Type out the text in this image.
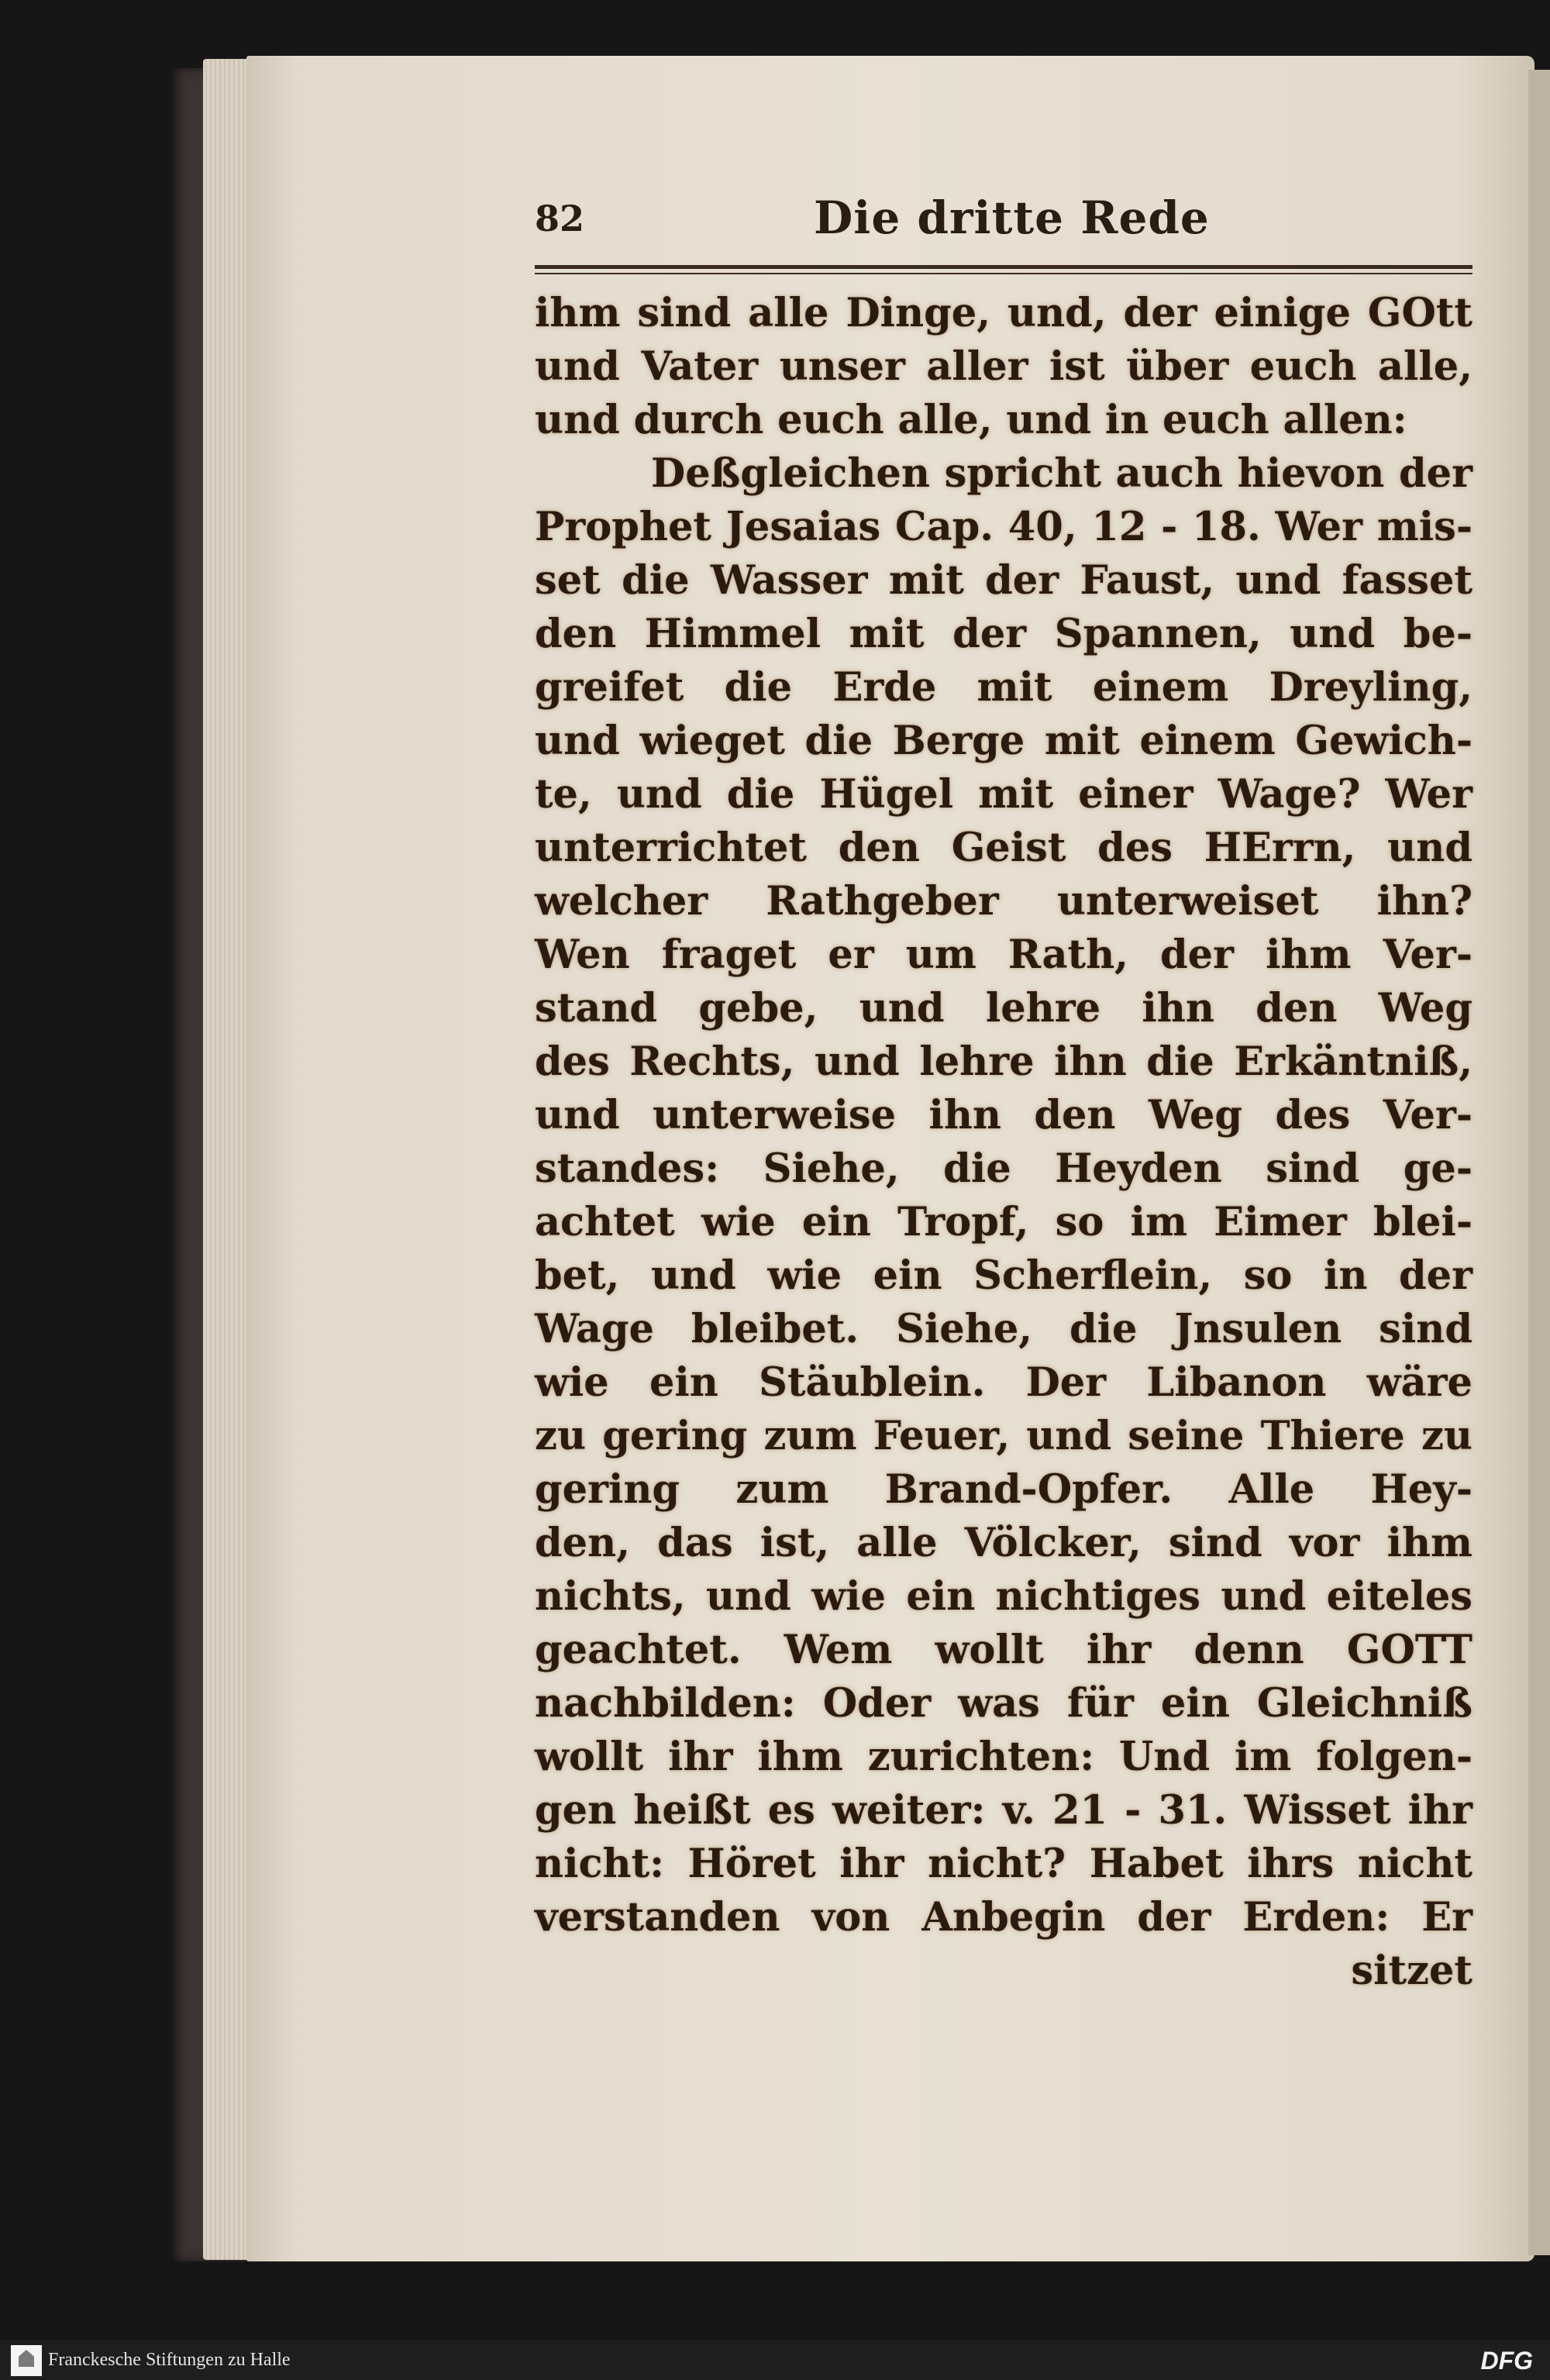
82	Die dritte Rede
ihm sind alle Dinge, und, der einige GOtt
und Vater unser aller ist über euch alle,
und durch euch alle, und in euch allen:
Deßgleichen spricht auch hievon der
Prophet Jesaias Cap. 40, 12 - 18. Wer mis-
set die Wasser mit der Faust, und fasset
den Himmel mit der Spannen, und be-
greifet die Erde mit einem Dreyling,
und wieget die Berge mit einem Gewich-
te, und die Hügel mit einer Wage? Wer
unterrichtet den Geist des HErrn, und
welcher Rathgeber unterweiset ihn?
Wen fraget er um Rath, der ihm Ver-
stand gebe, und lehre ihn den Weg
des Rechts, und lehre ihn die Erkäntniß,
und unterweise ihn den Weg des Ver-
standes: Siehe, die Heyden sind ge-
achtet wie ein Tropf, so im Eimer blei-
bet, und wie ein Scherflein, so in der
Wage bleibet. Siehe, die Jnsulen sind
wie ein Stäublein. Der Libanon wäre
zu gering zum Feuer, und seine Thiere zu
gering zum Brand-Opfer. Alle Hey-
den, das ist, alle Völcker, sind vor ihm
nichts, und wie ein nichtiges und eiteles
geachtet. Wem wollt ihr denn GOTT
nachbilden: Oder was für ein Gleichniß
wollt ihr ihm zurichten: Und im folgen-
gen heißt es weiter: v. 21 - 31. Wisset ihr
nicht: Höret ihr nicht? Habet ihrs nicht
verstanden von Anbegin der Erden: Er
sitzet
Franckesche Stiftungen zu Halle	DFG
